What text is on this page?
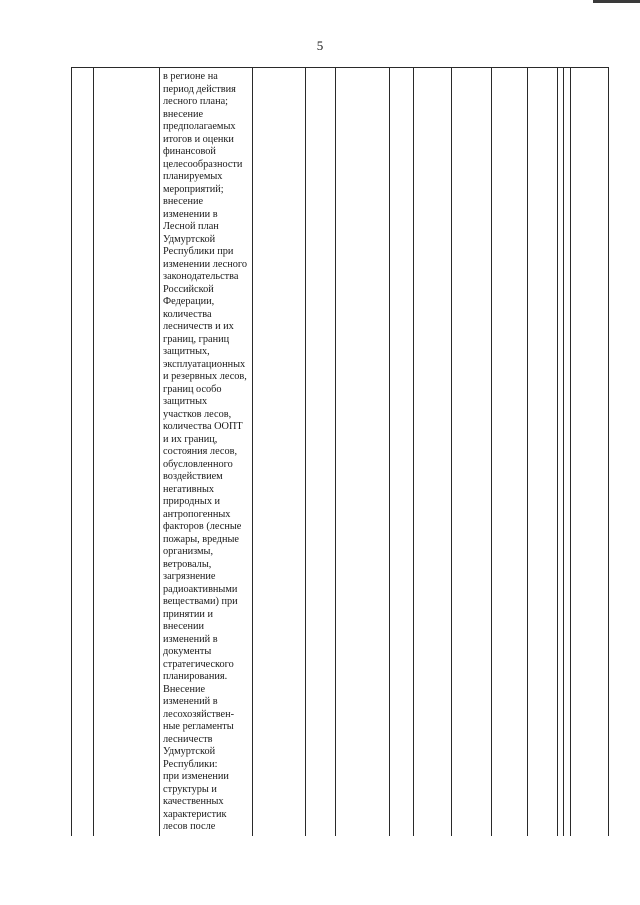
5
в регионе на
период действия
лесного плана;
внесение
предполагаемых
итогов и оценки
финансовой
целесообразности
планируемых
мероприятий;
внесение
изменении в
Лесной план
Удмуртской
Республики при
изменении лесного
законодательства
Российской
Федерации,
количества
лесничеств и их
границ, границ
защитных,
эксплуатационных
и резервных лесов,
границ особо
защитных
участков лесов,
количества ООПТ
и их границ,
состояния лесов,
обусловленного
воздействием
негативных
природных и
антропогенных
факторов (лесные
пожары, вредные
организмы,
ветровалы,
загрязнение
радиоактивными
веществами) при
принятии и
внесении
изменений в
документы
стратегического
планирования.
Внесение
изменений в
лесохозяйствен-
ные регламенты
лесничеств
Удмуртской
Республики:
при изменении
структуры и
качественных
характеристик
лесов после
